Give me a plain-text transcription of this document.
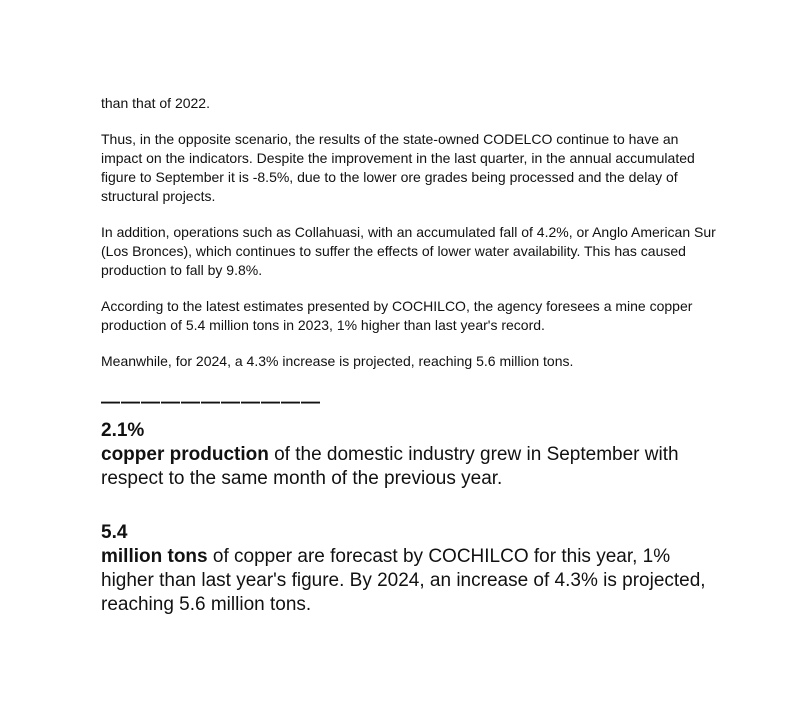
than that of 2022.

Thus, in the opposite scenario, the results of the state-owned CODELCO continue to have an impact on the indicators. Despite the improvement in the last quarter, in the annual accumulated figure to September it is -8.5%, due to the lower ore grades being processed and the delay of structural projects.

In addition, operations such as Collahuasi, with an accumulated fall of 4.2%, or Anglo American Sur (Los Bronces), which continues to suffer the effects of lower water availability. This has caused production to fall by 9.8%.

According to the latest estimates presented by COCHILCO, the agency foresees a mine copper production of 5.4 million tons in 2023, 1% higher than last year's record.

Meanwhile, for 2024, a 4.3% increase is projected, reaching 5.6 million tons.

———————————
2.1%
copper production of the domestic industry grew in September with respect to the same month of the previous year.
5.4
million tons of copper are forecast by COCHILCO for this year, 1% higher than last year's figure. By 2024, an increase of 4.3% is projected, reaching 5.6 million tons.
